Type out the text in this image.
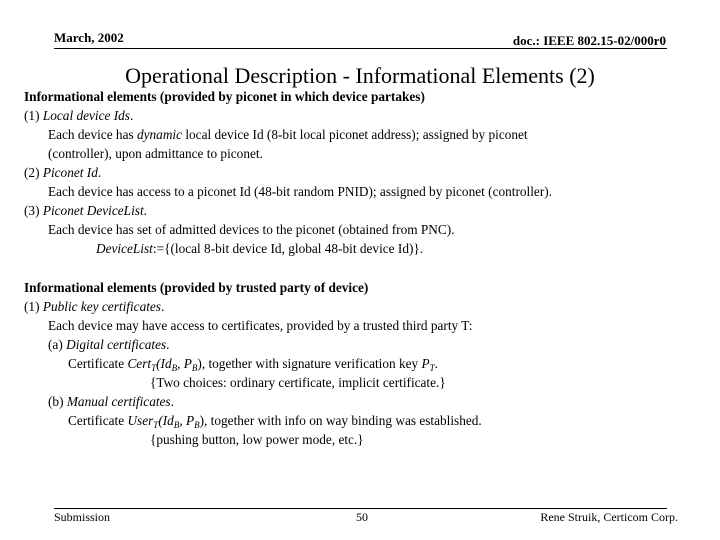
March, 2002	doc.: IEEE 802.15-02/000r0
Operational Description - Informational Elements (2)
Informational elements (provided by piconet in which device partakes)
(1) Local device Ids.
Each device has dynamic local device Id (8-bit local piconet address); assigned by piconet
(controller), upon admittance to piconet.
(2) Piconet Id.
Each device has access to a piconet Id (48-bit random PNID); assigned by piconet (controller).
(3) Piconet DeviceList.
Each device has set of admitted devices to the piconet (obtained from PNC).
DeviceList:={(local 8-bit device Id, global 48-bit device Id)}.
Informational elements (provided by trusted party of device)
(1) Public key certificates.
Each device may have access to certificates, provided by a trusted third party T:
(a) Digital certificates.
Certificate $Cert_T(Id_B$, $P_B$), together with signature verification key $P_T$.
{Two choices: ordinary certificate, implicit certificate.}
(b) Manual certificates.
Certificate $User_T(Id_B$, $P_B$), together with info on way binding was established.
{pushing button, low power mode, etc.}
Submission	50	Rene Struik, Certicom Corp.
